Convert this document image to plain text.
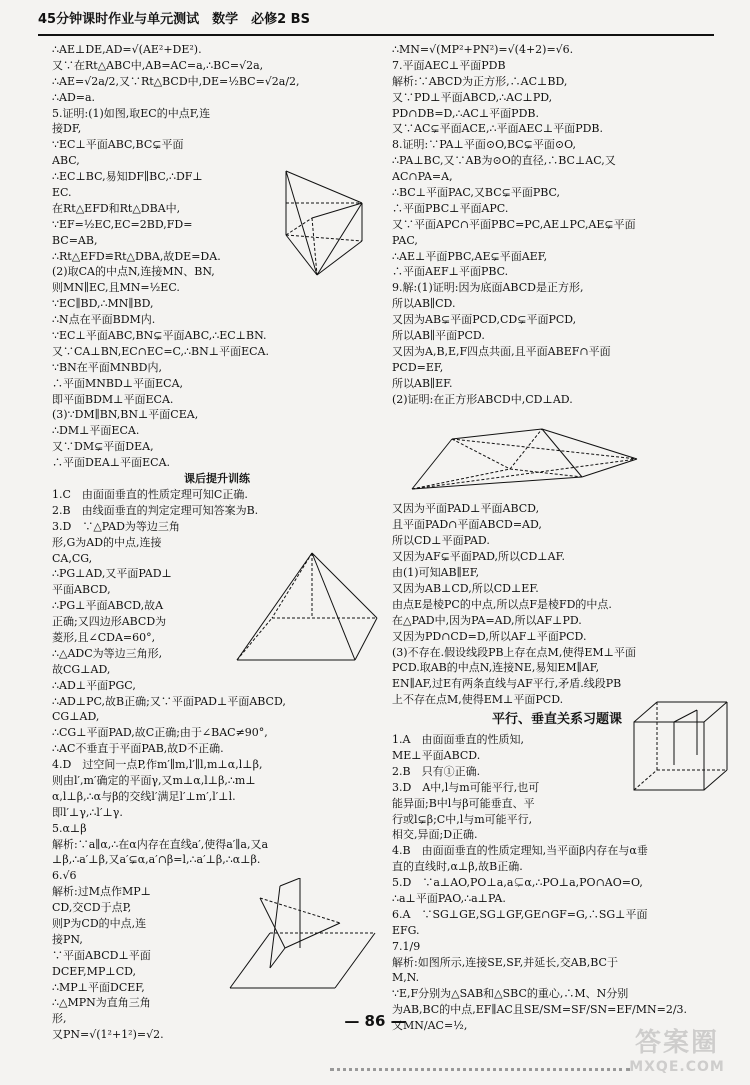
45分钟课时作业与单元测试　数学　必修2 BS
∴AE⊥DE,AD=√(AE²+DE²).
又∵在Rt△ABC中,AB=AC=a,∴BC=√2a,
∴AE=√2a/2,又∵Rt△BCD中,DE=½BC=√2a/2,
∴AD=a.
5.证明:(1)如图,取EC的中点F,连
接DF,
∵EC⊥平面ABC,BC⊊平面
ABC,
∴EC⊥BC,易知DF∥BC,∴DF⊥
EC.
在Rt△EFD和Rt△DBA中,
∵EF=½EC,EC=2BD,FD=
BC=AB,
∴Rt△EFD≌Rt△DBA,故DE=DA.
(2)取CA的中点N,连接MN、BN,
则MN∥EC,且MN=½EC.
∵EC∥BD,∴MN∥BD,
∴N点在平面BDM内.
∵EC⊥平面ABC,BN⊊平面ABC,∴EC⊥BN.
又∵CA⊥BN,EC∩EC=C,∴BN⊥平面ECA.
∵BN在平面MNBD内,
∴平面MNBD⊥平面ECA,
即平面BDM⊥平面ECA.
(3)∵DM∥BN,BN⊥平面CEA,
∴DM⊥平面ECA.
又∵DM⊊平面DEA,
∴平面DEA⊥平面ECA.
课后提升训练
1.C　由面面垂直的性质定理可知C正确.
2.B　由线面垂直的判定定理可知答案为B.
3.D　∵△PAD为等边三角
形,G为AD的中点,连接
CA,CG,
∴PG⊥AD,又平面PAD⊥
平面ABCD,
∴PG⊥平面ABCD,故A
正确;又四边形ABCD为
菱形,且∠CDA=60°,
∴△ADC为等边三角形,
故CG⊥AD,
∴AD⊥平面PGC,
∴AD⊥PC,故B正确;又∵平面PAD⊥平面ABCD,
CG⊥AD,
∴CG⊥平面PAD,故C正确;由于∠BAC≠90°,
∴AC不垂直于平面PAB,故D不正确.
4.D　过空间一点P,作m′∥m,l′∥l,m⊥α,l⊥β,
则由l′,m′确定的平面γ,又m⊥α,l⊥β,∴m⊥
α,l⊥β,∴α与β的交线l′满足l′⊥m′,l′⊥l.
即l′⊥γ,∴l′⊥γ.
5.α⊥β
解析:∵a∥α,∴在α内存在直线a′,使得a′∥a,又a
⊥β,∴a′⊥β,又a′⊊α,a′∩β=l,∴a′⊥β,∴α⊥β.
6.√6
解析:过M点作MP⊥
CD,交CD于点P,
则P为CD的中点,连
接PN,
∵平面ABCD⊥平面
DCEF,MP⊥CD,
∴MP⊥平面DCEF,
∴△MPN为直角三角
形,
又PN=√(1²+1²)=√2.
∴MN=√(MP²+PN²)=√(4+2)=√6.
7.平面AEC⊥平面PDB
解析:∵ABCD为正方形,∴AC⊥BD,
又∵PD⊥平面ABCD,∴AC⊥PD,
PD∩DB=D,∴AC⊥平面PDB.
又∵AC⊊平面ACE,∴平面AEC⊥平面PDB.
8.证明:∵PA⊥平面⊙O,BC⊊平面⊙O,
∴PA⊥BC,又∵AB为⊙O的直径,∴BC⊥AC,又
AC∩PA=A,
∴BC⊥平面PAC,又BC⊊平面PBC,
∴平面PBC⊥平面APC.
又∵平面APC∩平面PBC=PC,AE⊥PC,AE⊊平面
PAC,
∴AE⊥平面PBC,AE⊊平面AEF,
∴平面AEF⊥平面PBC.
9.解:(1)证明:因为底面ABCD是正方形,
所以AB∥CD.
又因为AB⊊平面PCD,CD⊊平面PCD,
所以AB∥平面PCD.
又因为A,B,E,F四点共面,且平面ABEF∩平面
PCD=EF,
所以AB∥EF.
(2)证明:在正方形ABCD中,CD⊥AD.
又因为平面PAD⊥平面ABCD,
且平面PAD∩平面ABCD=AD,
所以CD⊥平面PAD.
又因为AF⊊平面PAD,所以CD⊥AF.
由(1)可知AB∥EF,
又因为AB⊥CD,所以CD⊥EF.
由点E是棱PC的中点,所以点F是棱FD的中点.
在△PAD中,因为PA=AD,所以AF⊥PD.
又因为PD∩CD=D,所以AF⊥平面PCD.
(3)不存在.假设线段PB上存在点M,使得EM⊥平面
PCD.取AB的中点N,连接NE,易知EM∥AF,
EN∥AF,过E有两条直线与AF平行,矛盾.线段PB
上不存在点M,使得EM⊥平面PCD.
平行、垂直关系习题课
1.A　由面面垂直的性质知,
ME⊥平面ABCD.
2.B　只有①正确.
3.D　A中,l与m可能平行,也可
能异面;B中l与β可能垂直、平
行或l⊊β;C中,l与m可能平行,
相交,异面;D正确.
4.B　由面面垂直的性质定理知,当平面β内存在与α垂
直的直线时,α⊥β,故B正确.
5.D　∵a⊥AO,PO⊥a,a⊊α,∴PO⊥a,PO∩AO=O,
∴a⊥平面PAO,∴a⊥PA.
6.A　∵SG⊥GE,SG⊥GF,GE∩GF=G,∴SG⊥平面
EFG.
7.1/9
解析:如图所示,连接SE,SF,并延长,交AB,BC于
M,N.
∵E,F分别为△SAB和△SBC的重心,∴M、N分别
为AB,BC的中点,EF∥AC且SE/SM=SF/SN=EF/MN=2/3.
又MN/AC=½,
— 86 —
答案圈
MXQE.COM
